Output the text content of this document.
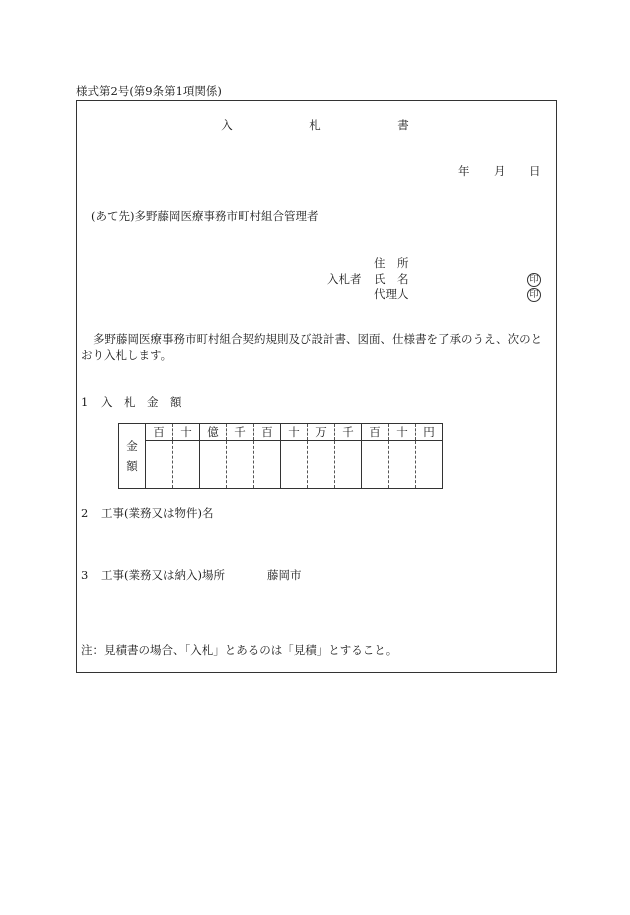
様式第2号(第9条第1項関係)
入	札	書
年 月 日
(あて先)多野藤岡医療事務市町村組合管理者
住　所
入札者 氏　名	印
代理人	印
多野藤岡医療事務市町村組合契約規則及び設計書、図面、仕様書を了承のうえ、次のと
おり入札します。
1 入　札　金　額
金
額	百	十	億	千	百	十	万	千	百	十	円

2 工事(業務又は物件)名
3 工事(業務又は納入)場所	藤岡市
注：見積書の場合、「入札」とあるのは「見積」とすること。
